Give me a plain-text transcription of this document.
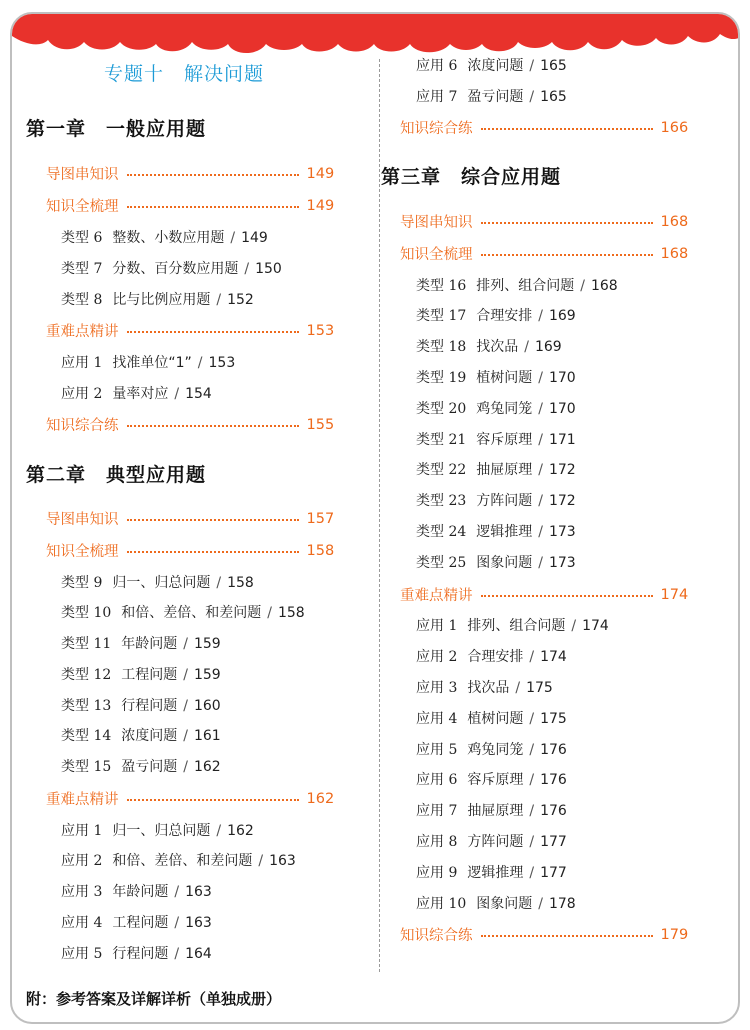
专题十　解决问题
第一章　一般应用题
导图串知识	149
知识全梳理	149
类型 6 整数、小数应用题 / 149
类型 7 分数、百分数应用题 / 150
类型 8 比与比例应用题 / 152
重难点精讲	153
应用 1 找准单位“1” / 153
应用 2 量率对应 / 154
知识综合练	155
第二章　典型应用题
导图串知识	157
知识全梳理	158
类型 9 归一、归总问题 / 158
类型 10 和倍、差倍、和差问题 / 158
类型 11 年龄问题 / 159
类型 12 工程问题 / 159
类型 13 行程问题 / 160
类型 14 浓度问题 / 161
类型 15 盈亏问题 / 162
重难点精讲	162
应用 1 归一、归总问题 / 162
应用 2 和倍、差倍、和差问题 / 163
应用 3 年龄问题 / 163
应用 4 工程问题 / 163
应用 5 行程问题 / 164
应用 6 浓度问题 / 165
应用 7 盈亏问题 / 165
知识综合练	166
第三章　综合应用题
导图串知识	168
知识全梳理	168
类型 16 排列、组合问题 / 168
类型 17 合理安排 / 169
类型 18 找次品 / 169
类型 19 植树问题 / 170
类型 20 鸡兔同笼 / 170
类型 21 容斥原理 / 171
类型 22 抽屉原理 / 172
类型 23 方阵问题 / 172
类型 24 逻辑推理 / 173
类型 25 图象问题 / 173
重难点精讲	174
应用 1 排列、组合问题 / 174
应用 2 合理安排 / 174
应用 3 找次品 / 175
应用 4 植树问题 / 175
应用 5 鸡兔同笼 / 176
应用 6 容斥原理 / 176
应用 7 抽屉原理 / 176
应用 8 方阵问题 / 177
应用 9 逻辑推理 / 177
应用 10 图象问题 / 178
知识综合练	179
附：参考答案及详解详析（单独成册）
